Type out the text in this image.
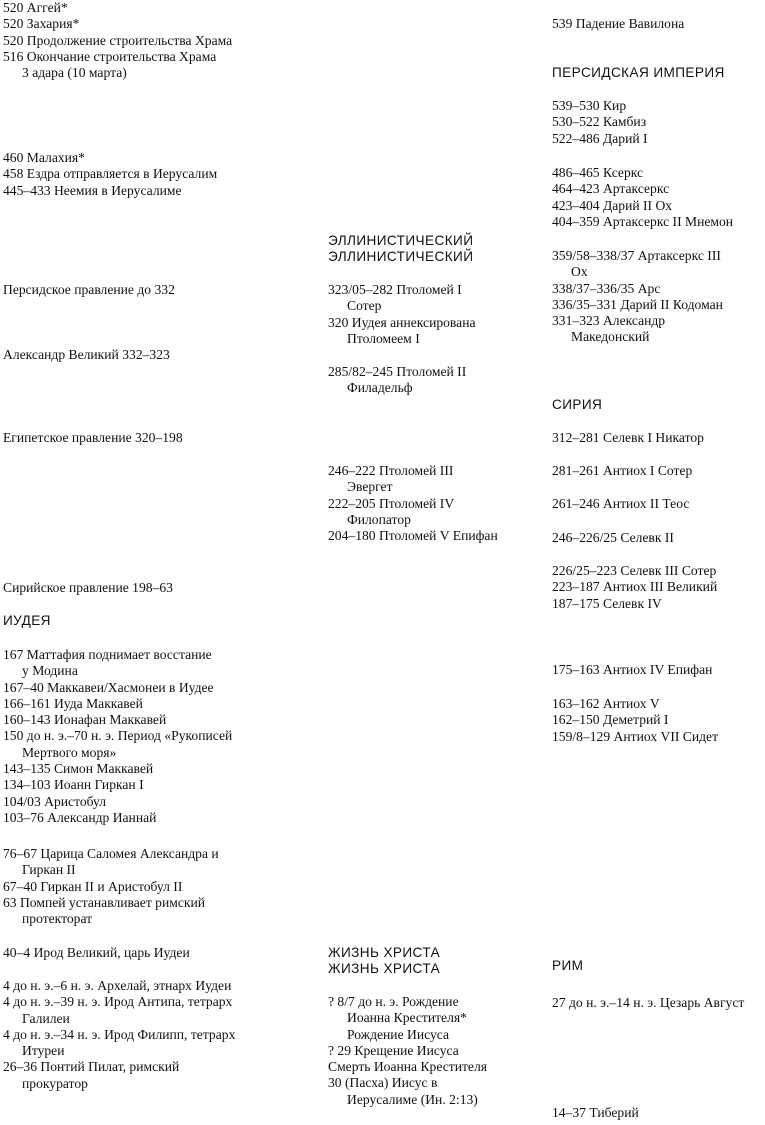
520 Аггей*
520 Захария*
520 Продолжение строительства Храма
516 Окончание строительства Храма
3 адара (10 марта)
460 Малахия*
458 Ездра отправляется в Иерусалим
445–433 Неемия в Иерусалиме
Персидское правление до 332
Александр Великий 332–323
Египетское правление 320–198
Сирийское правление 198–63
ИУДЕЯ
167 Маттафия поднимает восстание
у Модина
167–40 Маккавеи/Хасмонеи в Иудее
166–161 Иуда Маккавей
160–143 Ионафан Маккавей
150 до н. э.–70 н. э. Период «Рукописей
Мертвого моря»
143–135 Симон Маккавей
134–103 Иоанн Гиркан I
104/03 Аристобул
103–76 Александр Ианнай
76–67 Царица Саломея Александра и
Гиркан II
67–40 Гиркан II и Аристобул II
63 Помпей устанавливает римский
протекторат
40–4 Ирод Великий, царь Иудеи
4 до н. э.–6 н. э. Архелай, этнарх Иудеи
4 до н. э.–39 н. э. Ирод Антипа, тетрарх
Галилеи
4 до н. э.–34 н. э. Ирод Филипп, тетрарх
Итуреи
26–36 Понтий Пилат, римский
прокуратор
ЭЛЛИНИСТИЧЕСКИЙ
ЭЛЛИНИСТИЧЕСКИЙ
323/05–282 Птоломей I
Сотер
320 Иудея аннексирована
Птоломеем I
285/82–245 Птоломей II
Филадельф
246–222 Птоломей III
Эвергет
222–205 Птоломей IV
Филопатор
204–180 Птоломей V Епифан
ЖИЗНЬ ХРИСТА
ЖИЗНЬ ХРИСТА
? 8/7 до н. э. Рождение
Иоанна Крестителя*
Рождение Иисуса
? 29 Крещение Иисуса
Смерть Иоанна Крестителя
30 (Пасха) Иисус в
Иерусалиме (Ин. 2:13)
539 Падение Вавилона
ПЕРСИДСКАЯ ИМПЕРИЯ
539–530 Кир
530–522 Камбиз
522–486 Дарий I
486–465 Ксеркс
464–423 Артаксеркс
423–404 Дарий II Ох
404–359 Артаксеркс II Мнемон
359/58–338/37 Артаксеркс III
Ох
338/37–336/35 Арс
336/35–331 Дарий II Кодоман
331–323 Александр
Македонский
СИРИЯ
312–281 Селевк I Никатор
281–261 Антиох I Сотер
261–246 Антиох II Теос
246–226/25 Селевк II
226/25–223 Селевк III Сотер
223–187 Антиох III Великий
187–175 Селевк IV
175–163 Антиох IV Епифан
163–162 Антиох V
162–150 Деметрий I
159/8–129 Антиох VII Сидет
РИМ
27 до н. э.–14 н. э. Цезарь Август
14–37 Тиберий
